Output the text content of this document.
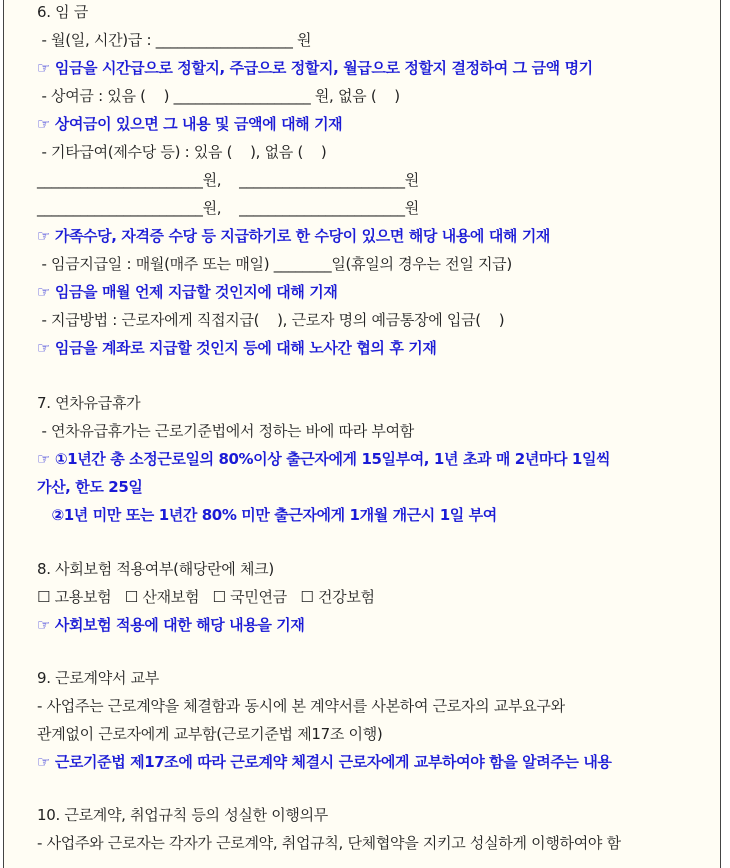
6. 임 금
- 월(일, 시간)급 : ___________________ 원
☞ 임금을 시간급으로 정할지, 주급으로 정할지, 월급으로 정할지 결정하여 그 금액 명기
- 상여금 : 있음 (    ) ___________________ 원, 없음 (    )
☞ 상여금이 있으면 그 내용 및 금액에 대해 기재
- 기타급여(제수당 등) : 있음 (    ), 없음 (    )
_______________________원,    _______________________원
_______________________원,    _______________________원
☞ 가족수당, 자격증 수당 등 지급하기로 한 수당이 있으면 해당 내용에 대해 기재
- 임금지급일 : 매월(매주 또는 매일) ________일(휴일의 경우는 전일 지급)
☞ 임금을 매월 언제 지급할 것인지에 대해 기재
- 지급방법 : 근로자에게 직접지급(    ), 근로자 명의 예금통장에 입금(    )
☞ 임금을 계좌로 지급할 것인지 등에 대해 노사간 협의 후 기재
7. 연차유급휴가
- 연차유급휴가는 근로기준법에서 정하는 바에 따라 부여함
☞ ①1년간 총 소정근로일의 80%이상 출근자에게 15일부여, 1년 초과 매 2년마다 1일씩
가산, 한도 25일
②1년 미만 또는 1년간 80% 미만 출근자에게 1개월 개근시 1일 부여
8. 사회보험 적용여부(해당란에 체크)
☐ 고용보험   ☐ 산재보험   ☐ 국민연금   ☐ 건강보험
☞ 사회보험 적용에 대한 해당 내용을 기재
9. 근로계약서 교부
- 사업주는 근로계약을 체결함과 동시에 본 계약서를 사본하여 근로자의 교부요구와
관계없이 근로자에게 교부함(근로기준법 제17조 이행)
☞ 근로기준법 제17조에 따라 근로계약 체결시 근로자에게 교부하여야 함을 알려주는 내용
10. 근로계약, 취업규칙 등의 성실한 이행의무
- 사업주와 근로자는 각자가 근로계약, 취업규칙, 단체협약을 지키고 성실하게 이행하여야 함
